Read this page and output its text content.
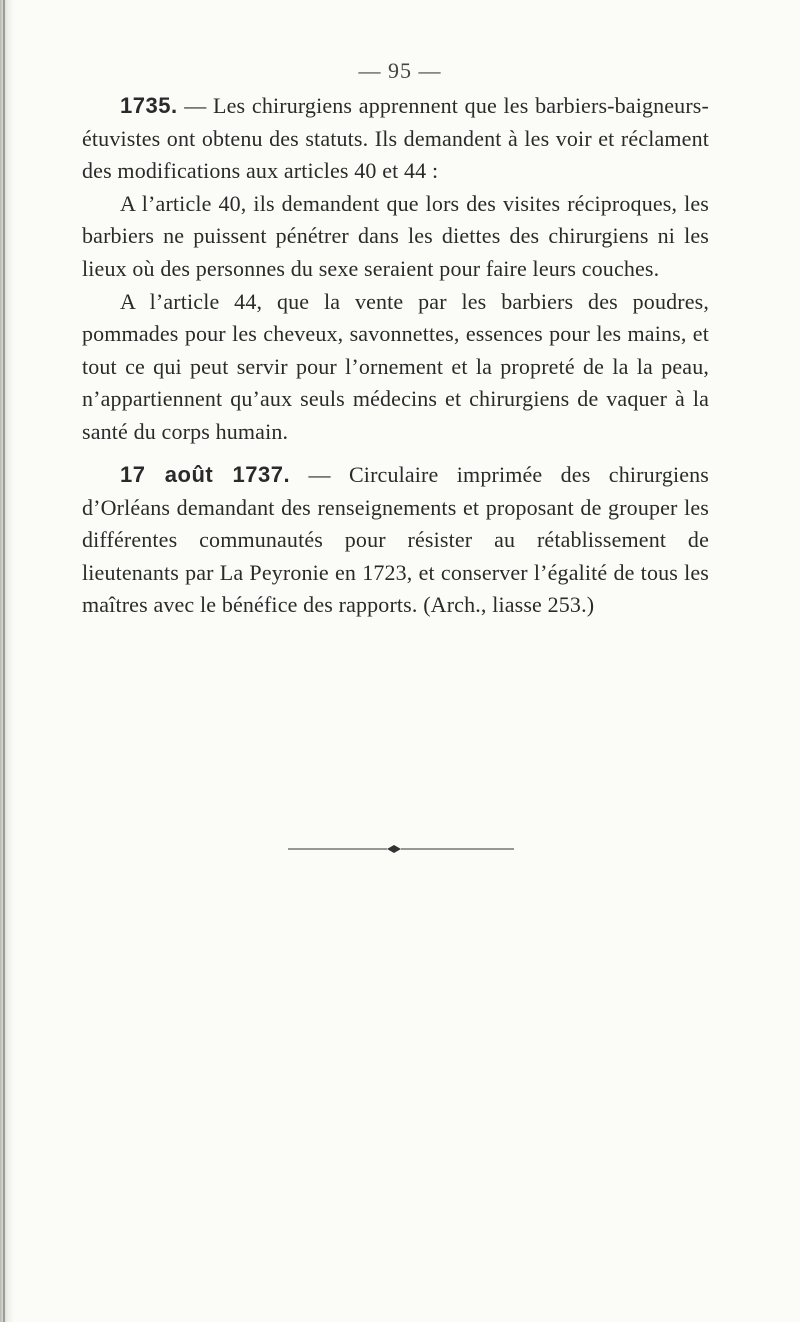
— 95 —

1735. — Les chirurgiens apprennent que les barbiers-baigneurs-étuvistes ont obtenu des statuts. Ils demandent à les voir et réclament des modifications aux articles 40 et 44 :

A l’article 40, ils demandent que lors des visites réciproques, les barbiers ne puissent pénétrer dans les diettes des chirurgiens ni les lieux où des personnes du sexe seraient pour faire leurs couches.

A l’article 44, que la vente par les barbiers des poudres, pommades pour les cheveux, savonnettes, essences pour les mains, et tout ce qui peut servir pour l’ornement et la propreté de la la peau, n’appartiennent qu’aux seuls médecins et chirurgiens de vaquer à la santé du corps humain.

17 août 1737. — Circulaire imprimée des chirurgiens d’Orléans demandant des renseignements et proposant de grouper les différentes communautés pour résister au rétablissement de lieutenants par La Peyronie en 1723, et conserver l’égalité de tous les maîtres avec le bénéfice des rapports. (Arch., liasse 253.)
